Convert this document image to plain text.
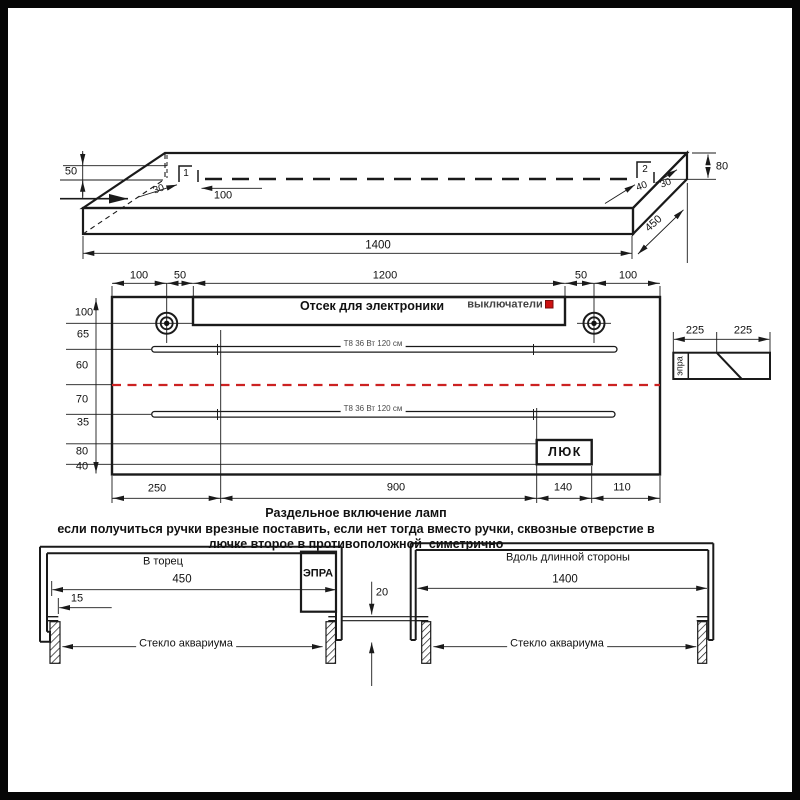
50	1
30	100
1400
2
40 30
80
450
100 50	1200	50	100
100
65
60
70
35
80
40
250	900	140	110
Отсек для электроники выключатели
Т8 36 Вт 120 см
Т8 36 Вт 120 см
ЛЮК
225	225
эпра
Раздельное включение ламп
если получиться ручки врезные поставить, если нет тогда вместо ручки, сквозные отверстие в
лючке второе в противоположной  симетрично
В торец
450
15
ЭПРА
Стекло аквариума
20
Вдоль длинной стороны
1400
Стекло аквариума
